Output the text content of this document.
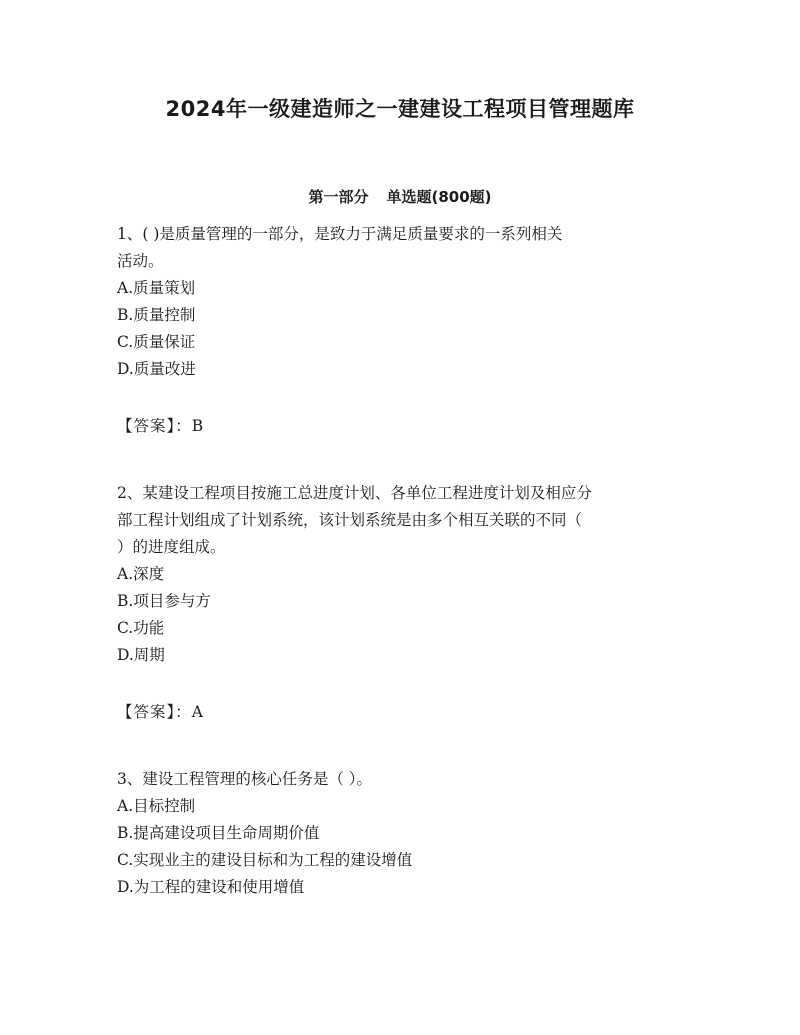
2024年一级建造师之一建建设工程项目管理题库
第一部分 单选题(800题)

1、( )是质量管理的一部分，是致力于满足质量要求的一系列相关

活动。

A.质量策划

B.质量控制

C.质量保证

D.质量改进

【答案】：B

2、某建设工程项目按施工总进度计划、各单位工程进度计划及相应分

部工程计划组成了计划系统，该计划系统是由多个相互关联的不同（

）的进度组成。

A.深度

B.项目参与方

C.功能

D.周期

【答案】：A

3、建设工程管理的核心任务是（ ）。

A.目标控制

B.提高建设项目生命周期价值

C.实现业主的建设目标和为工程的建设增值

D.为工程的建设和使用增值
